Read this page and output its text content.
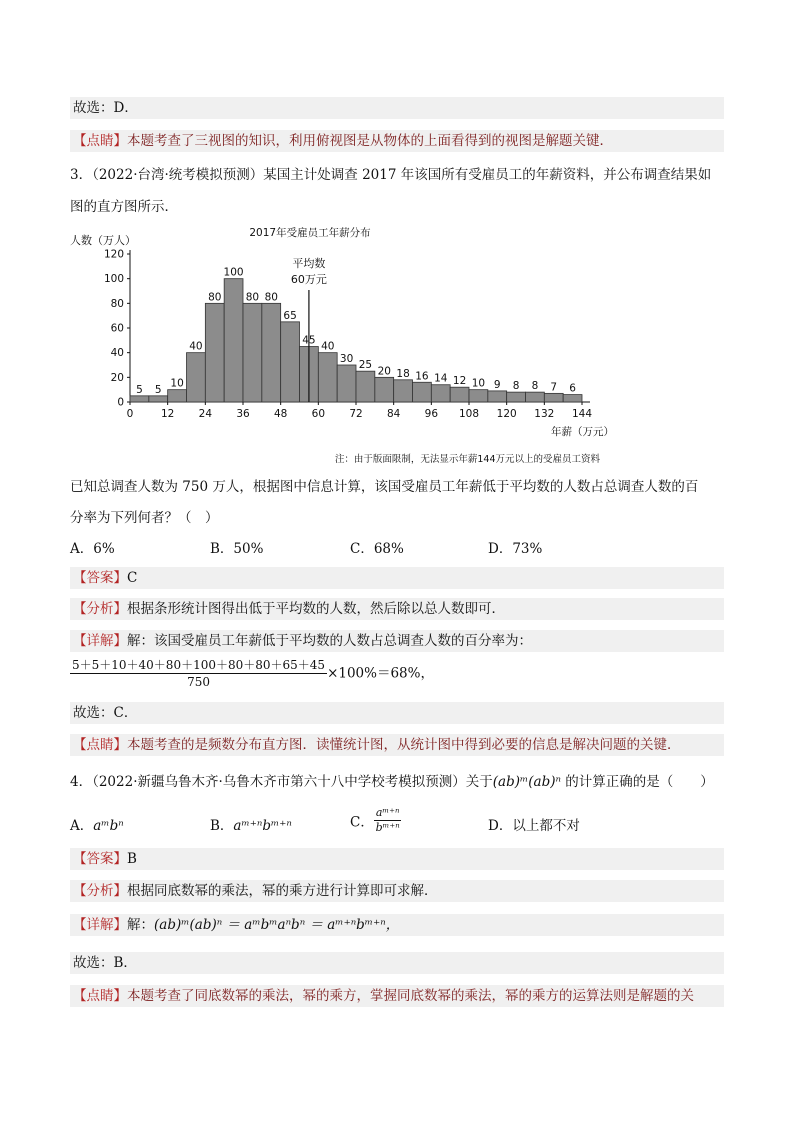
故选：D．
【点睛】本题考查了三视图的知识，利用俯视图是从物体的上面看得到的视图是解题关键．
3．（2022·台湾·统考模拟预测）某国主计处调查 2017 年该国所有受雇员工的年薪资料，并公布调查结果如
图的直方图所示．
2017年受雇员工年薪分布
人数（万人）
0
20
40
60
80
100
120
5 5
10
40
80
100
80 80
65
45
40
30
25
20 18 16 14 12 10 9 8 8 7 6
0	12 24 36 48 60 72 84 96 108 120 132 144
年薪（万元）
平均数
60万元
注：由于版面限制，无法显示年薪144万元以上的受雇员工资料
已知总调查人数为 750 万人，根据图中信息计算，该国受雇员工年薪低于平均数的人数占总调查人数的百
分率为下列何者？（　）
A．6%	B．50%	C．68%	D．73%
【答案】C
【分析】根据条形统计图得出低于平均数的人数，然后除以总人数即可．
【详解】解：该国受雇员工年薪低于平均数的人数占总调查人数的百分率为：
$\frac{5+5+10+40+80+100+80+80+65+45}{750} \times 100\%=68\%$，
故选：C．
【点睛】本题考查的是频数分布直方图．读懂统计图，从统计图中得到必要的信息是解决问题的关键．
4．（2022·新疆乌鲁木齐·乌鲁木齐市第六十八中学校考模拟预测）关于(ab)ᵐ(ab)ⁿ 的计算正确的是（　　）
A．aᵐbⁿ	B．aᵐ⁺ⁿbᵐ⁺ⁿ	C． $\frac{\text{aᵐ⁺ⁿ}}{\text{bᵐ⁺ⁿ}}$	D．以上都不对
【答案】B
【分析】根据同底数幂的乘法，幂的乘方进行计算即可求解．
【详解】解：(ab)ᵐ(ab)ⁿ ＝ aᵐbᵐaⁿbⁿ ＝ aᵐ⁺ⁿbᵐ⁺ⁿ，
故选：B．
【点睛】本题考查了同底数幂的乘法，幂的乘方，掌握同底数幂的乘法，幂的乘方的运算法则是解题的关
